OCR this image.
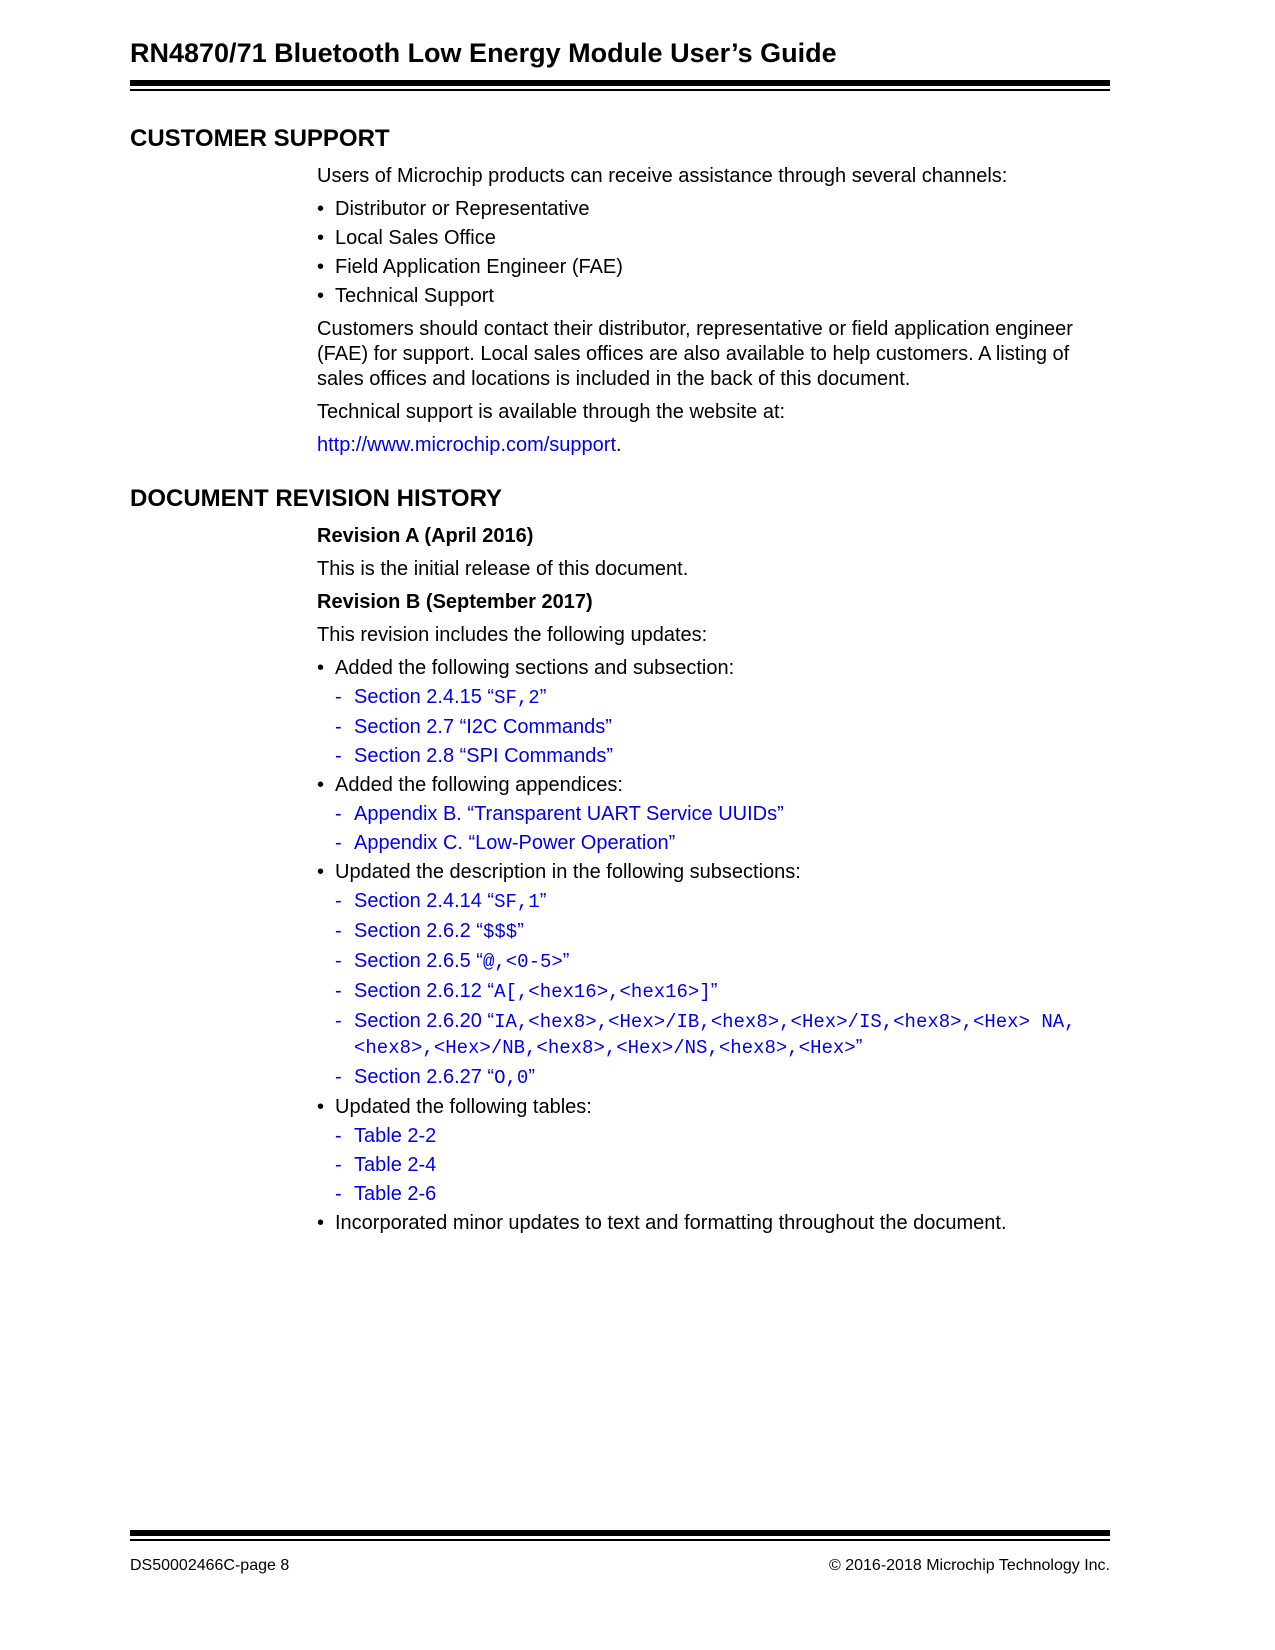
RN4870/71 Bluetooth Low Energy Module User’s Guide
CUSTOMER SUPPORT

Users of Microchip products can receive assistance through several channels:

• Distributor or Representative
• Local Sales Office
• Field Application Engineer (FAE)
• Technical Support

Customers should contact their distributor, representative or field application engineer (FAE) for support. Local sales offices are also available to help customers. A listing of sales offices and locations is included in the back of this document.

Technical support is available through the website at:

http://www.microchip.com/support.

DOCUMENT REVISION HISTORY

Revision A (April 2016)

This is the initial release of this document.

Revision B (September 2017)

This revision includes the following updates:

• Added the following sections and subsection:
- Section 2.4.15 “SF,2”
- Section 2.7 “I2C Commands”
- Section 2.8 “SPI Commands”
• Added the following appendices:
- Appendix B. “Transparent UART Service UUIDs”
- Appendix C. “Low-Power Operation”
• Updated the description in the following subsections:
- Section 2.4.14 “SF,1”
- Section 2.6.2 “$$$”
- Section 2.6.5 “@,<0-5>”
- Section 2.6.12 “A[,<hex16>,<hex16>]”
- Section 2.6.20 “IA,<hex8>,<Hex>/IB,<hex8>,<Hex>/IS,<hex8>,<Hex> NA,<hex8>,<Hex>/NB,<hex8>,<Hex>/NS,<hex8>,<Hex>”
- Section 2.6.27 “O,0”
• Updated the following tables:
- Table 2-2
- Table 2-4
- Table 2-6
• Incorporated minor updates to text and formatting throughout the document.
DS50002466C-page 8	© 2016-2018 Microchip Technology Inc.
